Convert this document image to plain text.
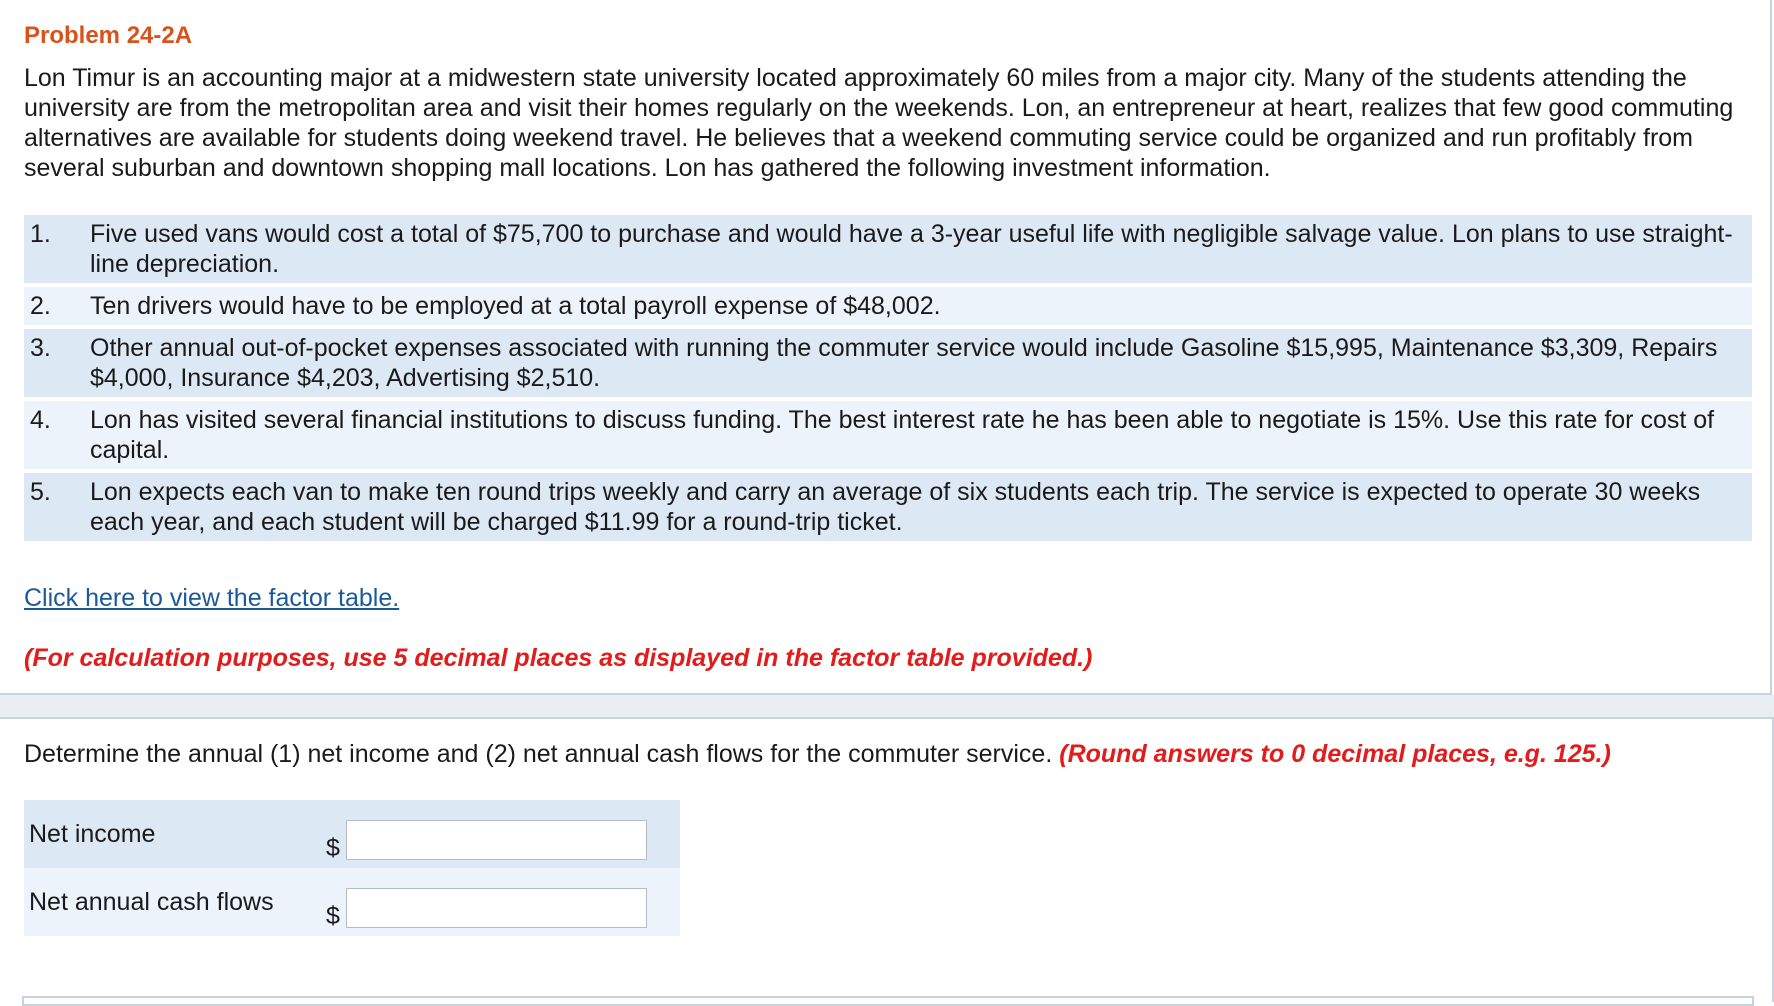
Problem 24-2A
Lon Timur is an accounting major at a midwestern state university located approximately 60 miles from a major city. Many of the students attending the university are from the metropolitan area and visit their homes regularly on the weekends. Lon, an entrepreneur at heart, realizes that few good commuting alternatives are available for students doing weekend travel. He believes that a weekend commuting service could be organized and run profitably from several suburban and downtown shopping mall locations. Lon has gathered the following investment information.
1.	Five used vans would cost a total of $75,700 to purchase and would have a 3-year useful life with negligible salvage value. Lon plans to use straight-line depreciation.
2.	Ten drivers would have to be employed at a total payroll expense of $48,002.
3.	Other annual out-of-pocket expenses associated with running the commuter service would include Gasoline $15,995, Maintenance $3,309, Repairs $4,000, Insurance $4,203, Advertising $2,510.
4.	Lon has visited several financial institutions to discuss funding. The best interest rate he has been able to negotiate is 15%. Use this rate for cost of capital.
5.	Lon expects each van to make ten round trips weekly and carry an average of six students each trip. The service is expected to operate 30 weeks each year, and each student will be charged $11.99 for a round-trip ticket.
Click here to view the factor table.
(For calculation purposes, use 5 decimal places as displayed in the factor table provided.)
Determine the annual (1) net income and (2) net annual cash flows for the commuter service. (Round answers to 0 decimal places, e.g. 125.)
Net income	$
Net annual cash flows $
